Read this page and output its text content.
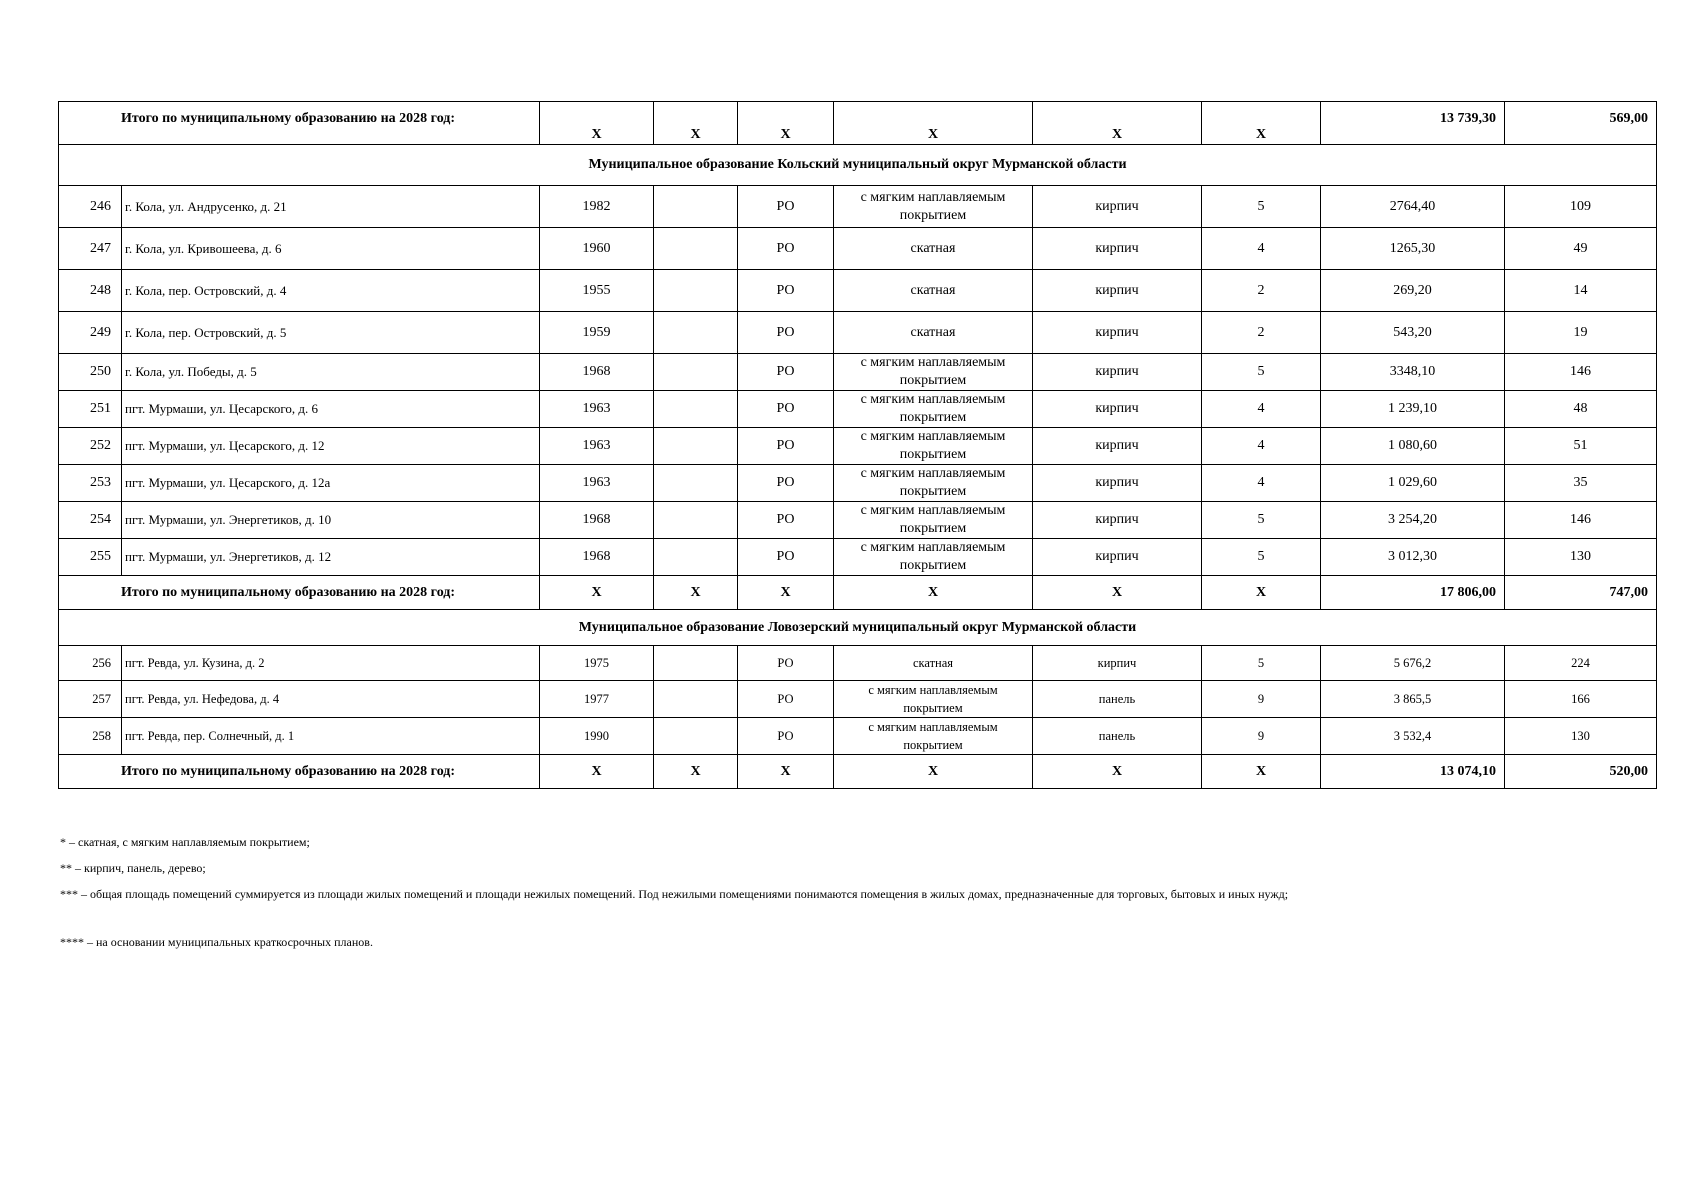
Итого по муниципальному образованию на 2028 год:		Х	Х	Х	Х	Х	Х	13 739,30	569,00
Муниципальное образование Кольский муниципальный округ Мурманской области									
246	г. Кола, ул. Андрусенко, д. 21	1982		РО	с мягким наплавляемым покрытием	кирпич	5	2764,40	109
247	г. Кола, ул. Кривошеева, д. 6	1960		РО	скатная	кирпич	4	1265,30	49
248	г. Кола, пер. Островский, д. 4	1955		РО	скатная	кирпич	2	269,20	14
249	г. Кола, пер. Островский, д. 5	1959		РО	скатная	кирпич	2	543,20	19
250	г. Кола, ул. Победы, д. 5	1968		РО	с мягким наплавляемым покрытием	кирпич	5	3348,10	146
251	пгт. Мурмаши, ул. Цесарского, д. 6	1963		РО	с мягким наплавляемым покрытием	кирпич	4	1 239,10	48
252	пгт. Мурмаши, ул. Цесарского, д. 12	1963		РО	с мягким наплавляемым покрытием	кирпич	4	1 080,60	51
253	пгт. Мурмаши, ул. Цесарского, д. 12а	1963		РО	с мягким наплавляемым покрытием	кирпич	4	1 029,60	35
254	пгт. Мурмаши, ул. Энергетиков, д. 10	1968		РО	с мягким наплавляемым покрытием	кирпич	5	3 254,20	146
255	пгт. Мурмаши, ул. Энергетиков, д. 12	1968		РО	с мягким наплавляемым покрытием	кирпич	5	3 012,30	130
Итого по муниципальному образованию на 2028 год:		Х	Х	Х	Х	Х	Х	17 806,00	747,00
Муниципальное образование Ловозерский муниципальный округ Мурманской области									
256	пгт. Ревда, ул. Кузина, д. 2	1975		РО	скатная	кирпич	5	5 676,2	224
257	пгт. Ревда, ул. Нефедова, д. 4	1977		РО	с мягким наплавляемым покрытием	панель	9	3 865,5	166
258	пгт. Ревда, пер. Солнечный, д. 1	1990		РО	с мягким наплавляемым покрытием	панель	9	3 532,4	130
Итого по муниципальному образованию на 2028 год:		Х	Х	Х	Х	Х	Х	13 074,10	520,00

* – скатная, с мягким наплавляемым покрытием;

** – кирпич, панель, дерево;

*** – общая площадь помещений суммируется из площади жилых помещений и площади нежилых помещений. Под нежилыми помещениями понимаются помещения в жилых домах, предназначенные для торговых, бытовых и иных нужд;

**** – на основании муниципальных краткосрочных планов.
